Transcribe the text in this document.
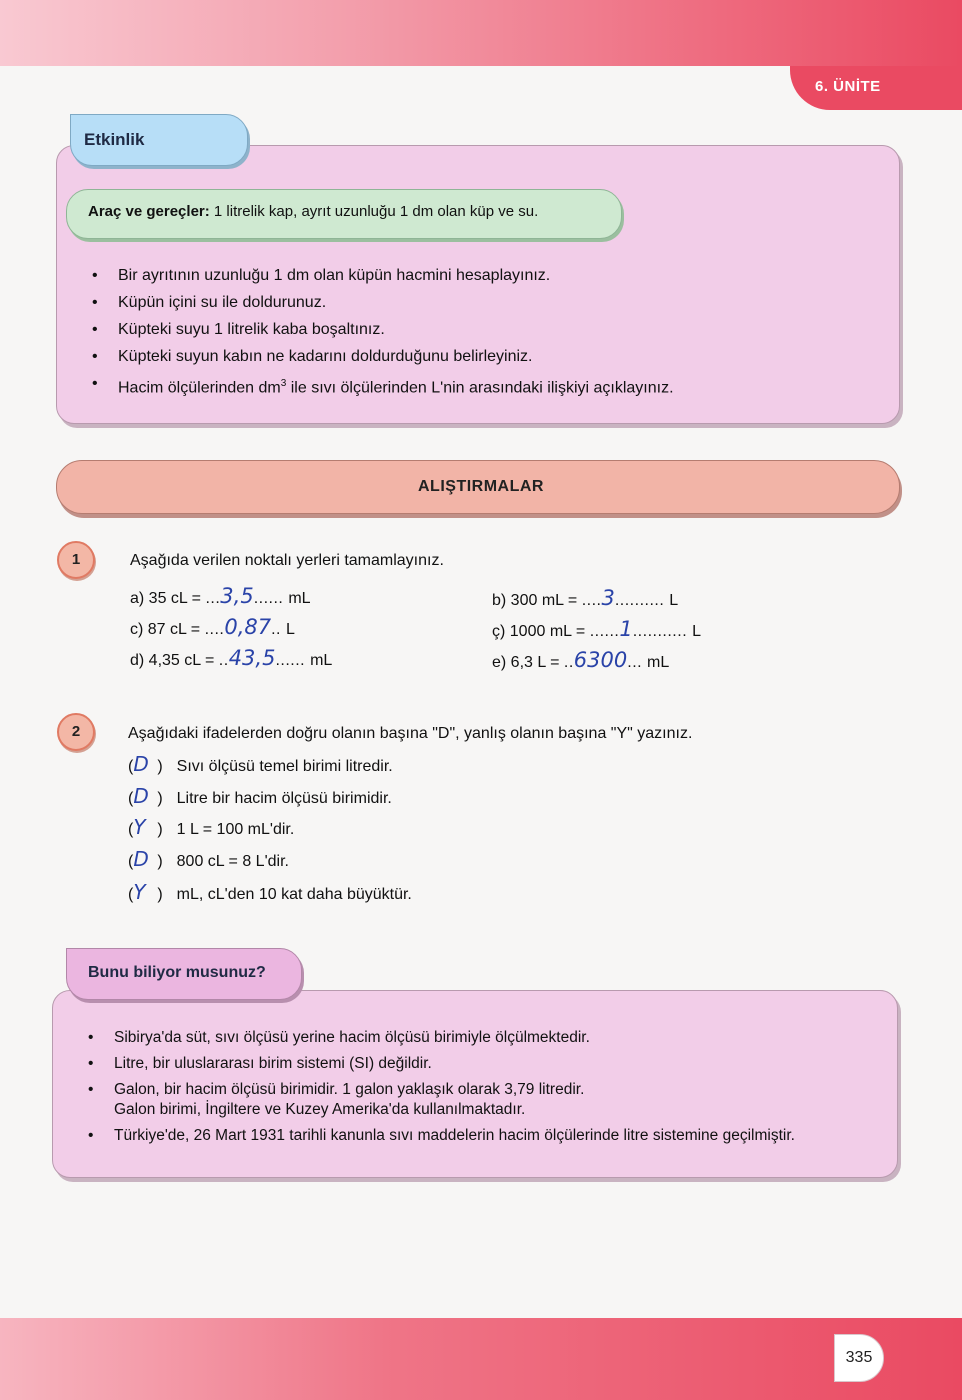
6. ÜNİTE
Etkinlik
Araç ve gereçler: 1 litrelik kap, ayrıt uzunluğu 1 dm olan küp ve su.
• Bir ayrıtının uzunluğu 1 dm olan küpün hacmini hesaplayınız.
• Küpün içini su ile doldurunuz.
• Küpteki suyu 1 litrelik kaba boşaltınız.
• Küpteki suyun kabın ne kadarını doldurduğunu belirleyiniz.
• Hacim ölçülerinden $dm^3$ ile sıvı ölçülerinden L'nin arasındaki ilişkiyi açıklayınız.
ALIŞTIRMALAR
1	Aşağıda verilen noktalı yerleri tamamlayınız.
a) 35 cL = ...3,5...... mL	b) 300 mL = ....3.......... L
c) 87 cL = ....0,87.. L	ç) 1000 mL = ......1........... L
d) 4,35 cL = ..43,5...... mL	e) 6,3 L = ..6300... mL
2	Aşağıdaki ifadelerden doğru olanın başına "D", yanlış olanın başına "Y" yazınız.
(D ) Sıvı ölçüsü temel birimi litredir.
(D ) Litre bir hacim ölçüsü birimidir.
(Y ) 1 L = 100 mL'dir.
(D ) 800 cL = 8 L'dir.
(Y ) mL, cL'den 10 kat daha büyüktür.
Bunu biliyor musunuz?
• Sibirya'da süt, sıvı ölçüsü yerine hacim ölçüsü birimiyle ölçülmektedir.
• Litre, bir uluslararası birim sistemi (SI) değildir.
• Galon, bir hacim ölçüsü birimidir. 1 galon yaklaşık olarak 3,79 litredir.
Galon birimi, İngiltere ve Kuzey Amerika'da kullanılmaktadır.
• Türkiye'de, 26 Mart 1931 tarihli kanunla sıvı maddelerin hacim ölçülerinde litre sistemine geçilmiştir.
335
